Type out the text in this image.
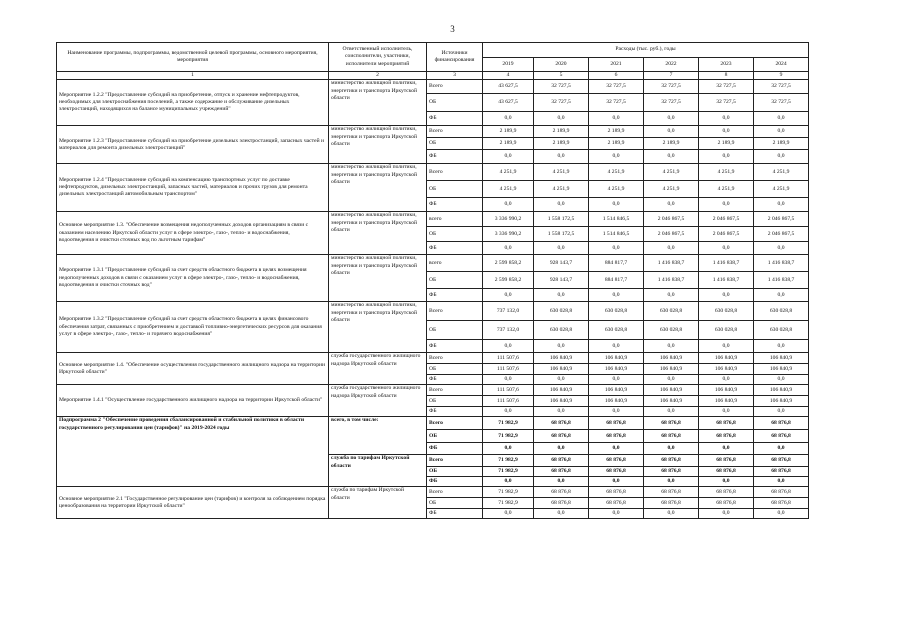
3
Наименование программы, подпрограммы, ведомственной целевой программы, основного мероприятия, мероприятия	Ответственный исполнитель, соисполнители, участники, исполнители мероприятий	Источники финансирования	Расходы (тыс. руб.), годы					
			2019	2020	2021	2022	2023	2024
1	2	3	4	5	6	7	8	9
Мероприятие 1.2.2 "Предоставление субсидий на приобретение, отпуск и хранение нефтепродуктов, необходимых для электроснабжения поселений, а также содержание и обслуживание дизельных электростанций, находящихся на балансе муниципальных учреждений"	министерство жилищной политики, энергетики и транспорта Иркутской области	Всего	43 627,5	32 727,5	32 727,5	32 727,5	32 727,5	32 727,5
		ОБ	43 627,5	32 727,5	32 727,5	32 727,5	32 727,5	32 727,5
		ФБ	0,0	0,0	0,0	0,0	0,0	0,0
Мероприятие 1.2.3 "Предоставление субсидий на приобретение дизельных электростанций, запасных частей и материалов для ремонта дизельных электростанций"	министерство жилищной политики, энергетики и транспорта Иркутской области	Всего	2 189,9	2 189,9	2 189,9	0,0	0,0	0,0
		ОБ	2 189,9	2 189,9	2 189,9	2 189,9	2 189,9	2 189,9
		ФБ	0,0	0,0	0,0	0,0	0,0	0,0
Мероприятие 1.2.4 "Предоставление субсидий на компенсацию транспортных услуг по доставке нефтепродуктов, дизельных электростанций, запасных частей, материалов и прочих грузов для ремонта дизельных электростанций автомобильным транспортом"	министерство жилищной политики, энергетики и транспорта Иркутской области	Всего	4 251,9	4 251,9	4 251,9	4 251,9	4 251,9	4 251,9
		ОБ	4 251,9	4 251,9	4 251,9	4 251,9	4 251,9	4 251,9
		ФБ	0,0	0,0	0,0	0,0	0,0	0,0
Основное мероприятие 1.3. "Обеспечение возмещения недополученных доходов организациям в связи с оказанием населению Иркутской области услуг в сфере электро-, газо-, тепло- и водоснабжения, водоотведения и очистки сточных вод по льготным тарифам"	министерство жилищной политики, энергетики и транспорта Иркутской области	всего	3 336 990,2	1 558 172,5	1 514 846,5	2 046 867,5	2 046 867,5	2 046 867,5
		ОБ	3 336 990,2	1 558 172,5	1 514 846,5	2 046 867,5	2 046 867,5	2 046 867,5
		ФБ	0,0	0,0	0,0	0,0	0,0	0,0
Мероприятие 1.3.1 "Предоставление субсидий за счет средств областного бюджета в целях возмещения недополученных доходов в связи с оказанием услуг в сфере электро-, газо-, тепло- и водоснабжения, водоотведения и очистки сточных вод"	министерство жилищной политики, энергетики и транспорта Иркутской области	всего	2 599 858,2	928 143,7	884 817,7	1 416 838,7	1 416 838,7	1 416 838,7
		ОБ	2 599 858,2	928 143,7	884 817,7	1 416 838,7	1 416 838,7	1 416 838,7
		ФБ	0,0	0,0	0,0	0,0	0,0	0,0
Мероприятие 1.3.2 "Предоставление субсидий за счет средств областного бюджета в целях финансового обеспечения затрат, связанных с приобретением и доставкой топливно-энергетических ресурсов для оказания услуг в сфере электро-, газо-, тепло- и горячего водоснабжения"	министерство жилищной политики, энергетики и транспорта Иркутской области	Всего	737 132,0	630 028,8	630 028,8	630 028,8	630 028,8	630 028,8
		ОБ	737 132,0	630 028,8	630 028,8	630 028,8	630 028,8	630 028,8
		ФБ	0,0	0,0	0,0	0,0	0,0	0,0
Основное мероприятие 1.4. "Обеспечение осуществления государственного жилищного надзора на территории Иркутской области"	служба государственного жилищного надзора Иркутской области	Всего	111 507,6	106 840,9	106 840,9	106 840,9	106 840,9	106 840,9
		ОБ	111 507,6	106 840,9	106 840,9	106 840,9	106 840,9	106 840,9
		ФБ	0,0	0,0	0,0	0,0	0,0	0,0
Мероприятие 1.4.1 "Осуществление государственного жилищного надзора на территории Иркутской области"	служба государственного жилищного надзора Иркутской области	Всего	111 507,6	106 840,9	106 840,9	106 840,9	106 840,9	106 840,9
		ОБ	111 507,6	106 840,9	106 840,9	106 840,9	106 840,9	106 840,9
		ФБ	0,0	0,0	0,0	0,0	0,0	0,0
Подпрограмма 2 "Обеспечение проведения сбалансированной и стабильной политики в области государственного регулирования цен (тарифов)" на 2019-2024 годы	всего, в том числе:	Всего	71 982,9	68 876,8	68 876,8	68 876,8	68 876,8	68 876,8
		ОБ	71 982,9	68 876,8	68 876,8	68 876,8	68 876,8	68 876,8
		ФБ	0,0	0,0	0,0	0,0	0,0	0,0
	служба по тарифам Иркутской области	Всего	71 982,9	68 876,8	68 876,8	68 876,8	68 876,8	68 876,8
		ОБ	71 982,9	68 876,8	68 876,8	68 876,8	68 876,8	68 876,8
		ФБ	0,0	0,0	0,0	0,0	0,0	0,0
Основное мероприятие 2.1 "Государственное регулирование цен (тарифов) и контроля за соблюдением порядка ценообразования на территории Иркутской области"	служба по тарифам Иркутской области	Всего	71 982,9	68 876,8	68 876,8	68 876,8	68 876,8	68 876,8
		ОБ	71 982,9	68 876,8	68 876,8	68 876,8	68 876,8	68 876,8
		ФБ	0,0	0,0	0,0	0,0	0,0	0,0
